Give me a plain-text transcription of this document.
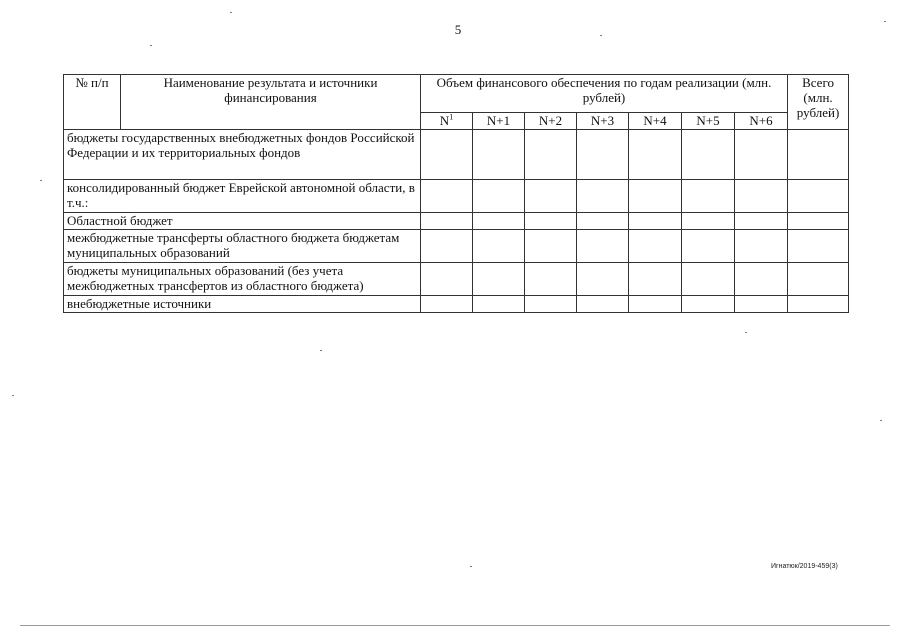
5
№ п/п	Наименование результата и источники финансирования	Объем финансового обеспечения по годам реализации (млн. рублей)							Всего (млн. рублей)
		$N^1$	N+1	N+2	N+3	N+4	N+5	N+6	
бюджеты государственных внебюджетных фондов Российской Федерации и их территориальных фондов									
консолидированный бюджет Еврейской автономной области, в т.ч.:									
Областной бюджет									
межбюджетные трансферты областного бюджета бюджетам муниципальных образований									
бюджеты муниципальных образований (без учета межбюджетных трансфертов из областного бюджета)									
внебюджетные источники									
Игнатюк/2019-459(3)
